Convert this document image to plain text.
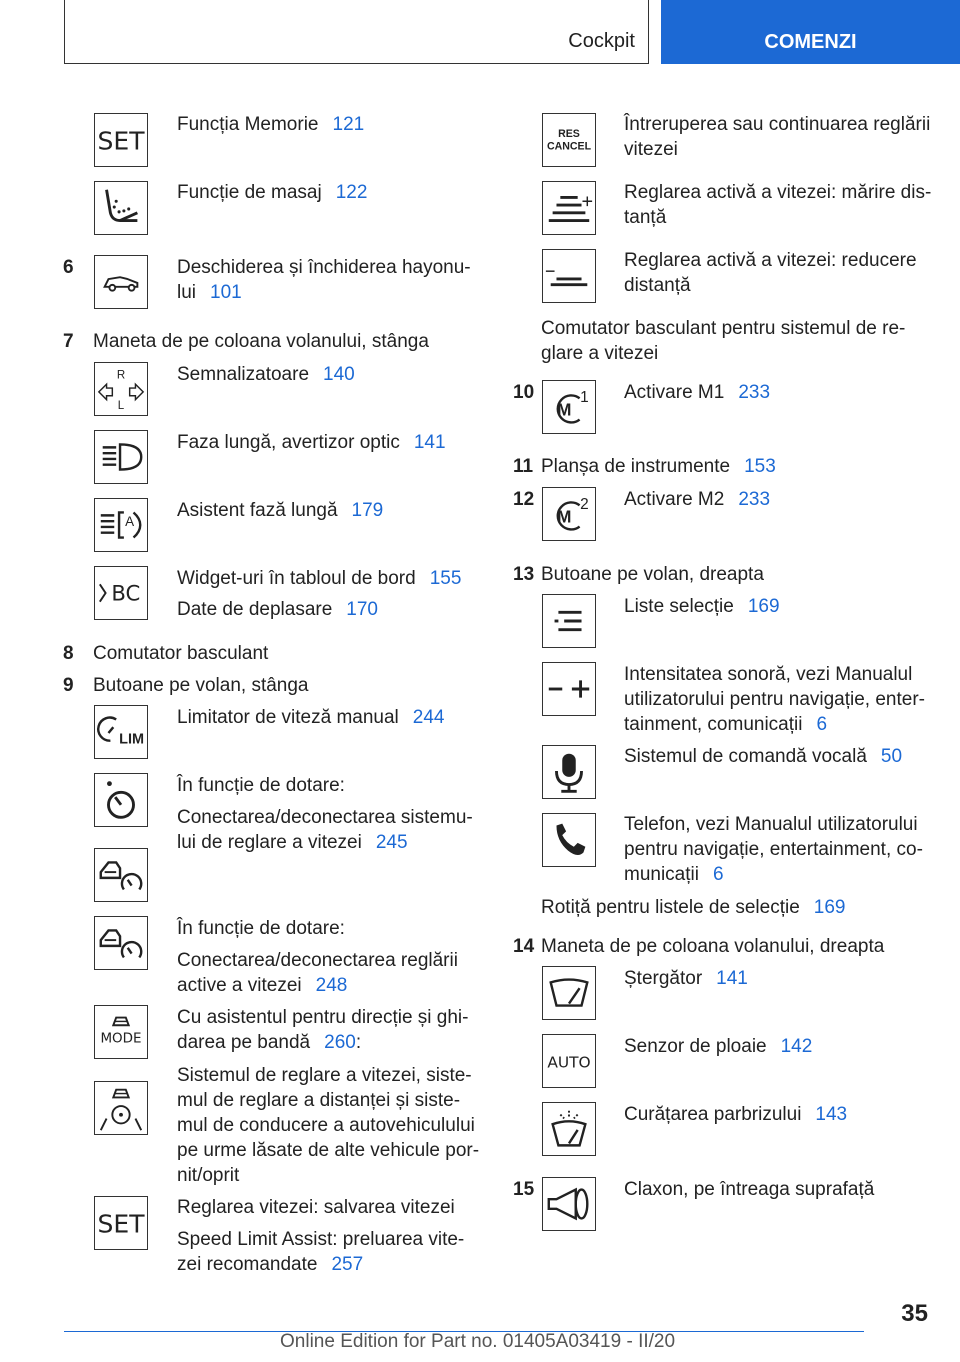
Cockpit	COMENZI
SET
Funcția Memorie 121
Funcție de masaj 122
6	Deschiderea și închiderea hayonu-
lui 101
7 Maneta de pe coloana volanului, stânga
R
L
Semnalizatoare 140
Faza lungă, avertizor optic 141
A
Asistent fază lungă 179
BC
Widget-uri în tabloul de bord 155
Date de deplasare 170
8 Comutator basculant
9 Butoane pe volan, stânga
LIM
Limitator de viteză manual 244
În funcție de dotare:
Conectarea/deconectarea sistemu-
lui de reglare a vitezei 245
În funcție de dotare:
Conectarea/deconectarea reglării
active a vitezei 248
MODE
Cu asistentul pentru direcție și ghi-
darea pe bandă 260:
Sistemul de reglare a vitezei, siste-
mul de reglare a distanței și siste-
mul de conducere a autovehiculului
pe urme lăsate de alte vehicule por-
nit/oprit
SET
Reglarea vitezei: salvarea vitezei
Speed Limit Assist: preluarea vite-
zei recomandate 257
RES
CANCEL
Întreruperea sau continuarea reglării
vitezei
Reglarea activă a vitezei: mărire dis-
tanță
Reglarea activă a vitezei: reducere
distanță
Comutator basculant pentru sistemul de re-
glare a vitezei
10
M
1 Activare M1 233
11 Planșa de instrumente 153
12
M
2 Activare M2 233
13 Butoane pe volan, dreapta
Liste selecție 169
Intensitatea sonoră, vezi Manualul
utilizatorului pentru navigație, enter-
tainment, comunicații 6
Sistemul de comandă vocală 50
Telefon, vezi Manualul utilizatorului
pentru navigație, entertainment, co-
municații 6
Rotiță pentru listele de selecție 169
14 Maneta de pe coloana volanului, dreapta
Ștergător 141
AUTO
Senzor de ploaie 142
Curățarea parbrizului 143
15	Claxon, pe întreaga suprafață
35
Online Edition for Part no. 01405A03419 - II/20
